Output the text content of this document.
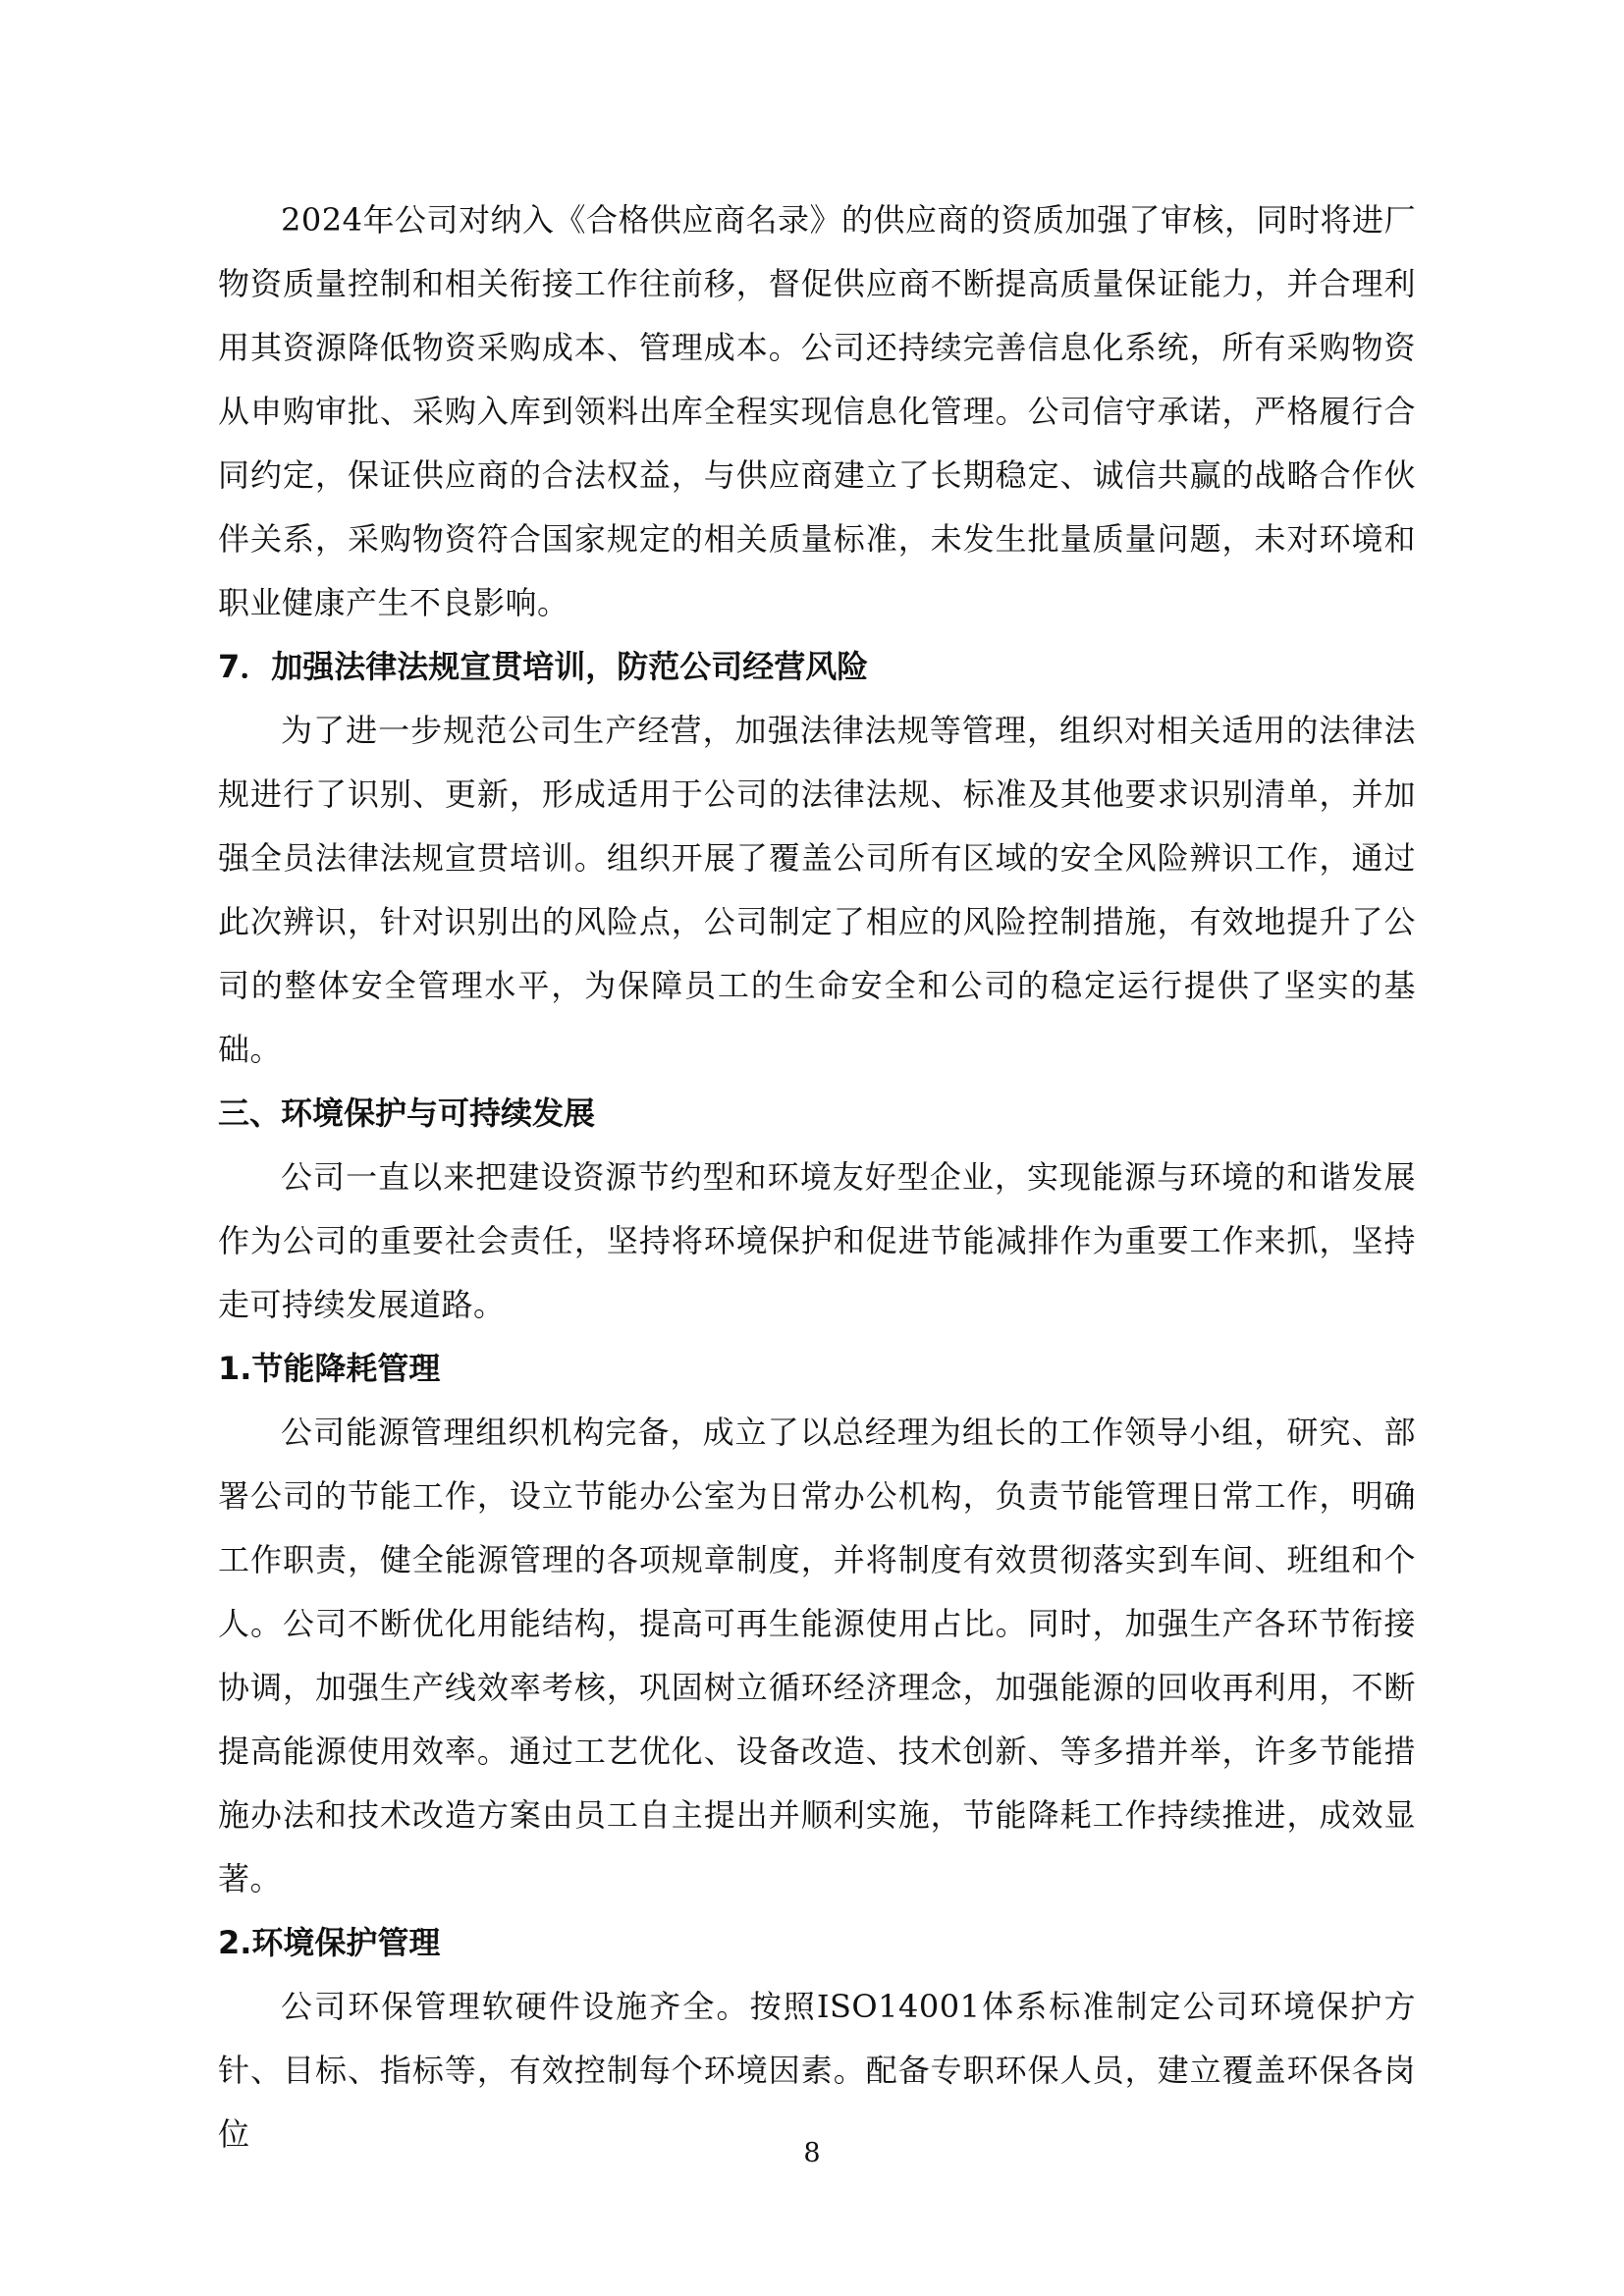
2024年公司对纳入《合格供应商名录》的供应商的资质加强了审核，同时将进厂物资质量控制和相关衔接工作往前移，督促供应商不断提高质量保证能力，并合理利用其资源降低物资采购成本、管理成本。公司还持续完善信息化系统，所有采购物资从申购审批、采购入库到领料出库全程实现信息化管理。公司信守承诺，严格履行合同约定，保证供应商的合法权益，与供应商建立了长期稳定、诚信共赢的战略合作伙伴关系，采购物资符合国家规定的相关质量标准，未发生批量质量问题，未对环境和职业健康产生不良影响。

7．加强法律法规宣贯培训，防范公司经营风险

为了进一步规范公司生产经营，加强法律法规等管理，组织对相关适用的法律法规进行了识别、更新，形成适用于公司的法律法规、标准及其他要求识别清单，并加强全员法律法规宣贯培训。组织开展了覆盖公司所有区域的安全风险辨识工作，通过此次辨识，针对识别出的风险点，公司制定了相应的风险控制措施，有效地提升了公司的整体安全管理水平，为保障员工的生命安全和公司的稳定运行提供了坚实的基础。

三、环境保护与可持续发展

公司一直以来把建设资源节约型和环境友好型企业，实现能源与环境的和谐发展作为公司的重要社会责任，坚持将环境保护和促进节能减排作为重要工作来抓，坚持走可持续发展道路。

1.节能降耗管理

公司能源管理组织机构完备，成立了以总经理为组长的工作领导小组，研究、部署公司的节能工作，设立节能办公室为日常办公机构，负责节能管理日常工作，明确工作职责，健全能源管理的各项规章制度，并将制度有效贯彻落实到车间、班组和个人。公司不断优化用能结构，提高可再生能源使用占比。同时，加强生产各环节衔接协调，加强生产线效率考核，巩固树立循环经济理念，加强能源的回收再利用，不断提高能源使用效率。通过工艺优化、设备改造、技术创新、等多措并举，许多节能措施办法和技术改造方案由员工自主提出并顺利实施，节能降耗工作持续推进，成效显著。

2.环境保护管理

公司环保管理软硬件设施齐全。按照ISO14001体系标准制定公司环境保护方针、目标、指标等，有效控制每个环境因素。配备专职环保人员，建立覆盖环保各岗位

8
